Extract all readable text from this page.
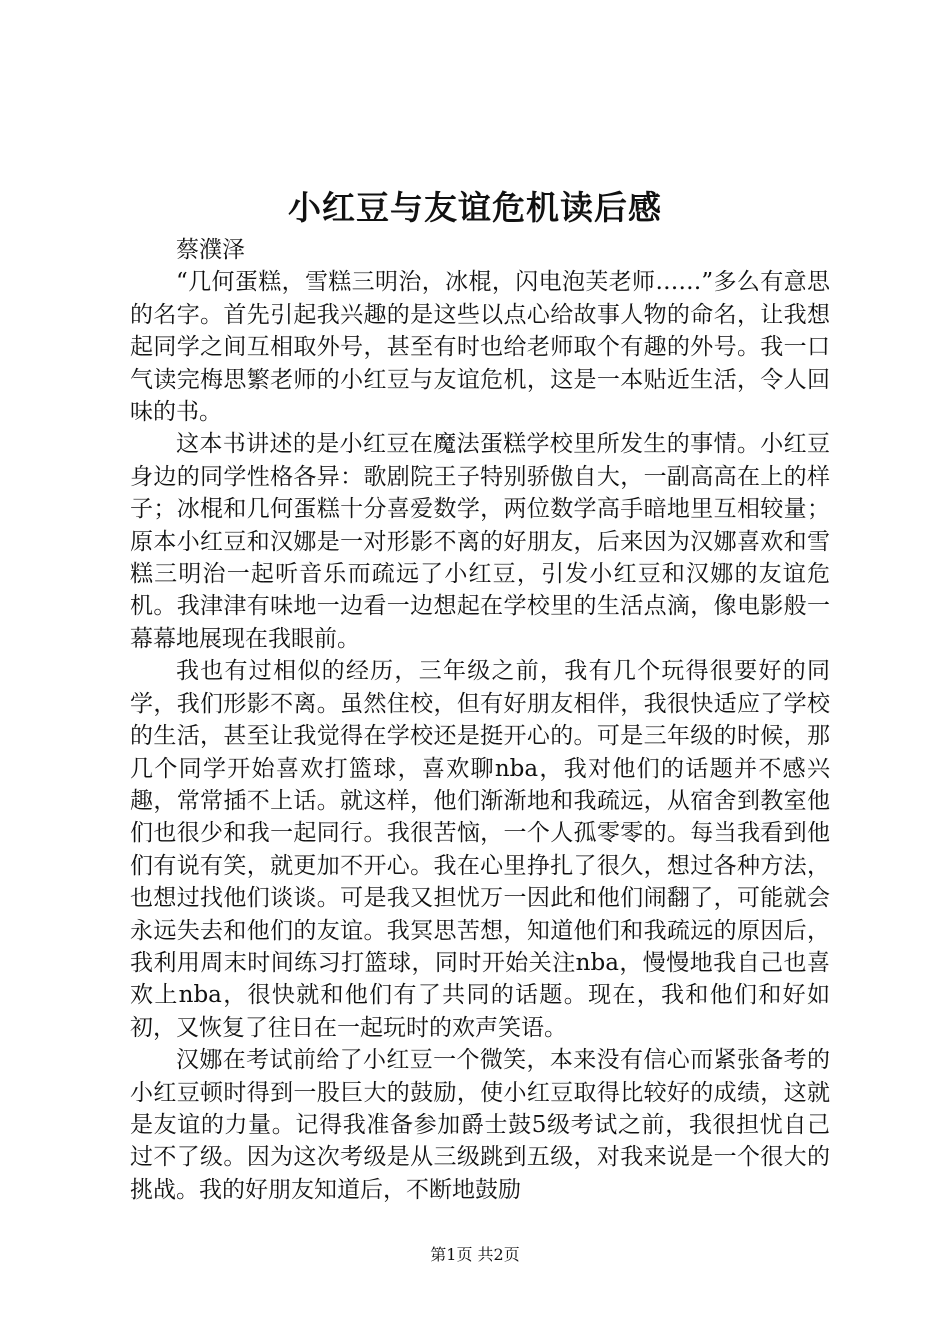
小红豆与友谊危机读后感

蔡濮泽

“几何蛋糕，雪糕三明治，冰棍，闪电泡芙老师……”多么有意思的名字。首先引起我兴趣的是这些以点心给故事人物的命名，让我想起同学之间互相取外号，甚至有时也给老师取个有趣的外号。我一口气读完梅思繁老师的小红豆与友谊危机，这是一本贴近生活，令人回味的书。

这本书讲述的是小红豆在魔法蛋糕学校里所发生的事情。小红豆身边的同学性格各异：歌剧院王子特别骄傲自大，一副高高在上的样子；冰棍和几何蛋糕十分喜爱数学，两位数学高手暗地里互相较量；原本小红豆和汉娜是一对形影不离的好朋友，后来因为汉娜喜欢和雪糕三明治一起听音乐而疏远了小红豆，引发小红豆和汉娜的友谊危机。我津津有味地一边看一边想起在学校里的生活点滴，像电影般一幕幕地展现在我眼前。

我也有过相似的经历，三年级之前，我有几个玩得很要好的同学，我们形影不离。虽然住校，但有好朋友相伴，我很快适应了学校的生活，甚至让我觉得在学校还是挺开心的。可是三年级的时候，那几个同学开始喜欢打篮球，喜欢聊nba，我对他们的话题并不感兴趣，常常插不上话。就这样，他们渐渐地和我疏远，从宿舍到教室他们也很少和我一起同行。我很苦恼，一个人孤零零的。每当我看到他们有说有笑，就更加不开心。我在心里挣扎了很久，想过各种方法，也想过找他们谈谈。可是我又担忧万一因此和他们闹翻了，可能就会永远失去和他们的友谊。我冥思苦想，知道他们和我疏远的原因后，我利用周末时间练习打篮球，同时开始关注nba，慢慢地我自己也喜欢上nba，很快就和他们有了共同的话题。现在，我和他们和好如初，又恢复了往日在一起玩时的欢声笑语。

汉娜在考试前给了小红豆一个微笑，本来没有信心而紧张备考的小红豆顿时得到一股巨大的鼓励，使小红豆取得比较好的成绩，这就是友谊的力量。记得我准备参加爵士鼓5级考试之前，我很担忧自己过不了级。因为这次考级是从三级跳到五级，对我来说是一个很大的挑战。我的好朋友知道后，不断地鼓励

第1页 共2页
